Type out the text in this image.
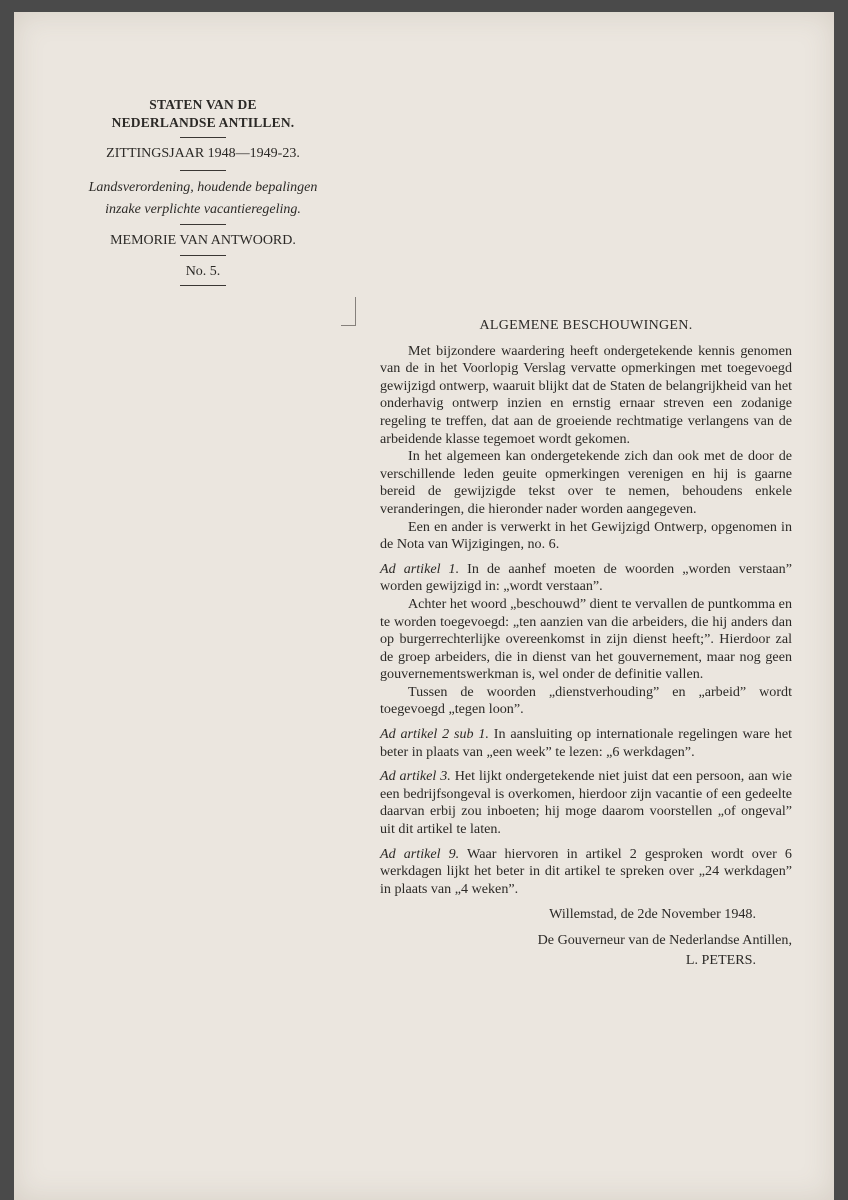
STATEN VAN DE
NEDERLANDSE ANTILLEN.
ZITTINGSJAAR 1948—1949-23.
Landsverordening, houdende bepalingen
inzake verplichte vacantieregeling.
MEMORIE VAN ANTWOORD.
No. 5.
ALGEMENE BESCHOUWINGEN.

Met bijzondere waardering heeft ondergetekende kennis genomen van de in het Voorlopig Verslag vervatte opmerkingen met toegevoegd gewijzigd ontwerp, waaruit blijkt dat de Staten de belangrijkheid van het onderhavig ontwerp inzien en ernstig ernaar streven een zodanige regeling te treffen, dat aan de groeiende rechtmatige verlangens van de arbeidende klasse tegemoet wordt gekomen.

In het algemeen kan ondergetekende zich dan ook met de door de verschillende leden geuite opmerkingen verenigen en hij is gaarne bereid de gewijzigde tekst over te nemen, behoudens enkele veranderingen, die hieronder nader worden aangegeven.

Een en ander is verwerkt in het Gewijzigd Ontwerp, opgenomen in de Nota van Wijzigingen, no. 6.

Ad artikel 1. In de aanhef moeten de woorden „worden verstaan” worden gewijzigd in: „wordt verstaan”.

Achter het woord „beschouwd” dient te vervallen de puntkomma en te worden toegevoegd: „ten aanzien van die arbeiders, die hij anders dan op burgerrechterlijke overeenkomst in zijn dienst heeft;”. Hierdoor zal de groep arbeiders, die in dienst van het gouvernement, maar nog geen gouvernementswerkman is, wel onder de definitie vallen.

Tussen de woorden „dienstverhouding” en „arbeid” wordt toegevoegd „tegen loon”.

Ad artikel 2 sub 1. In aansluiting op internationale regelingen ware het beter in plaats van „een week” te lezen: „6 werkdagen”.

Ad artikel 3. Het lijkt ondergetekende niet juist dat een persoon, aan wie een bedrijfsongeval is overkomen, hierdoor zijn vacantie of een gedeelte daarvan erbij zou inboeten; hij moge daarom voorstellen „of ongeval” uit dit artikel te laten.

Ad artikel 9. Waar hiervoren in artikel 2 gesproken wordt over 6 werkdagen lijkt het beter in dit artikel te spreken over „24 werkdagen” in plaats van „4 weken”.

Willemstad, de 2de November 1948.
De Gouverneur van de Nederlandse Antillen,
L. PETERS.
